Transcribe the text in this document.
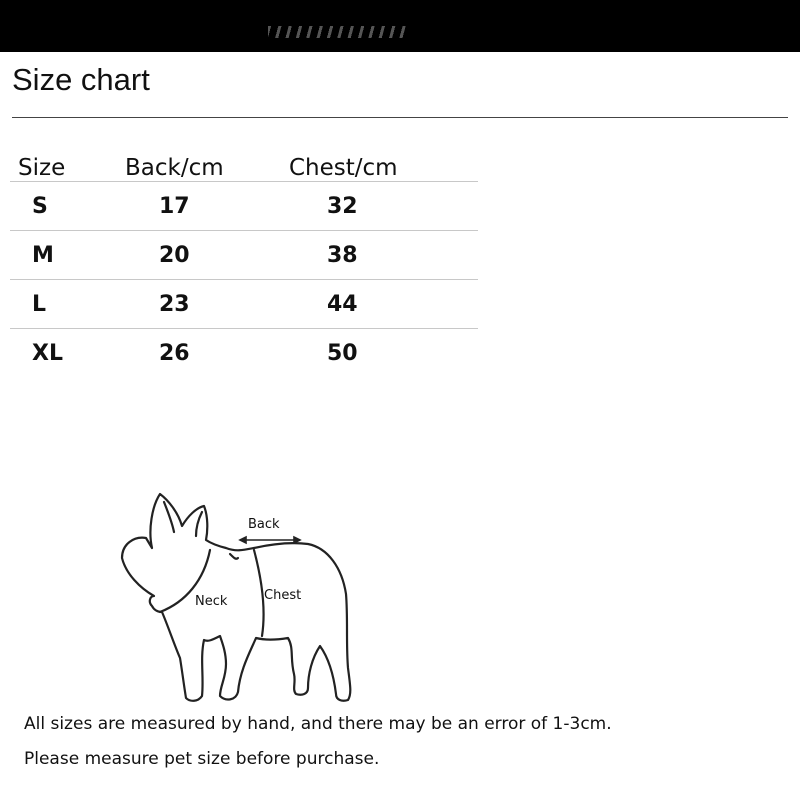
Size chart
Size	Back/cm	Chest/cm
S	17	32
M	20	38
L	23	44
XL	26	50
Back
Neck	Chest

All sizes are measured by hand, and there may be an error of 1-3cm.

Please measure pet size before purchase.
